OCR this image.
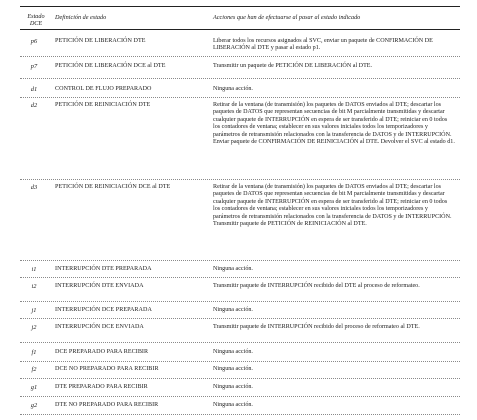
Estado
DCE
Definición de estado	Acciones que han de efectuarse al pasar al estado indicado
p6	PETICIÓN DE LIBERACIÓN DTE	Liberar todos los recursos asignados al SVC, enviar un paquete de CONFIRMACIÓN DE LIBERACIÓN al DTE y pasar al estado p1.
p7	PETICIÓN DE LIBERACIÓN DCE al DTE	Transmitir un paquete de PETICIÓN DE LIBERACIÓN al DTE.
d1	CONTROL DE FLUJO PREPARADO	Ninguna acción.
d2	PETICIÓN DE REINICIACIÓN DTE	Retirar de la ventana (de transmisión) los paquetes de DATOS enviados al DTE; descartar los paquetes de DATOS que representan secuencias de bit M parcialmente transmitidas y descartar cualquier paquete de INTERRUPCIÓN en espera de ser transferido al DTE; reiniciar en 0 todos los contadores de ventana; establecer en sus valores iniciales todos los temporizadores y parámetros de retransmisión relacionados con la transferencia de DATOS y de INTERRUPCIÓN. Enviar paquete de CONFIRMACIÓN DE REINICIACIÓN al DTE. Devolver el SVC al estado d1.
d3	PETICIÓN DE REINICIACIÓN DCE al DTE	Retirar de la ventana (de transmisión) los paquetes de DATOS enviados al DTE; descartar los paquetes de DATOS que representan secuencias de bit M parcialmente transmitidas y descartar cualquier paquete de INTERRUPCIÓN en espera de ser transferido al DTE; reiniciar en 0 todos los contadores de ventana; establecer en sus valores iniciales todos los temporizadores y parámetros de retransmisión relacionados con la transferencia de DATOS y de INTERRUPCIÓN. Transmitir paquete de PETICIÓN de REINICIACIÓN al DTE.
i1	INTERRUPCIÓN DTE PREPARADA	Ninguna acción.
i2	INTERRUPCIÓN DTE ENVIADA	Transmitir paquete de INTERRUPCIÓN recibido del DTE al proceso de reformateo.
j1	INTERRUPCIÓN DCE PREPARADA	Ninguna acción.
j2	INTERRUPCIÓN DCE ENVIADA	Transmitir paquete de INTERRUPCIÓN recibido del proceso de reformateo al DTE.
f1	DCE PREPARADO PARA RECIBIR	Ninguna acción.
f2	DCE NO PREPARADO PARA RECIBIR	Ninguna acción.
g1	DTE PREPARADO PARA RECIBIR	Ninguna acción.
g2	DTE NO PREPARADO PARA RECIBIR	Ninguna acción.
